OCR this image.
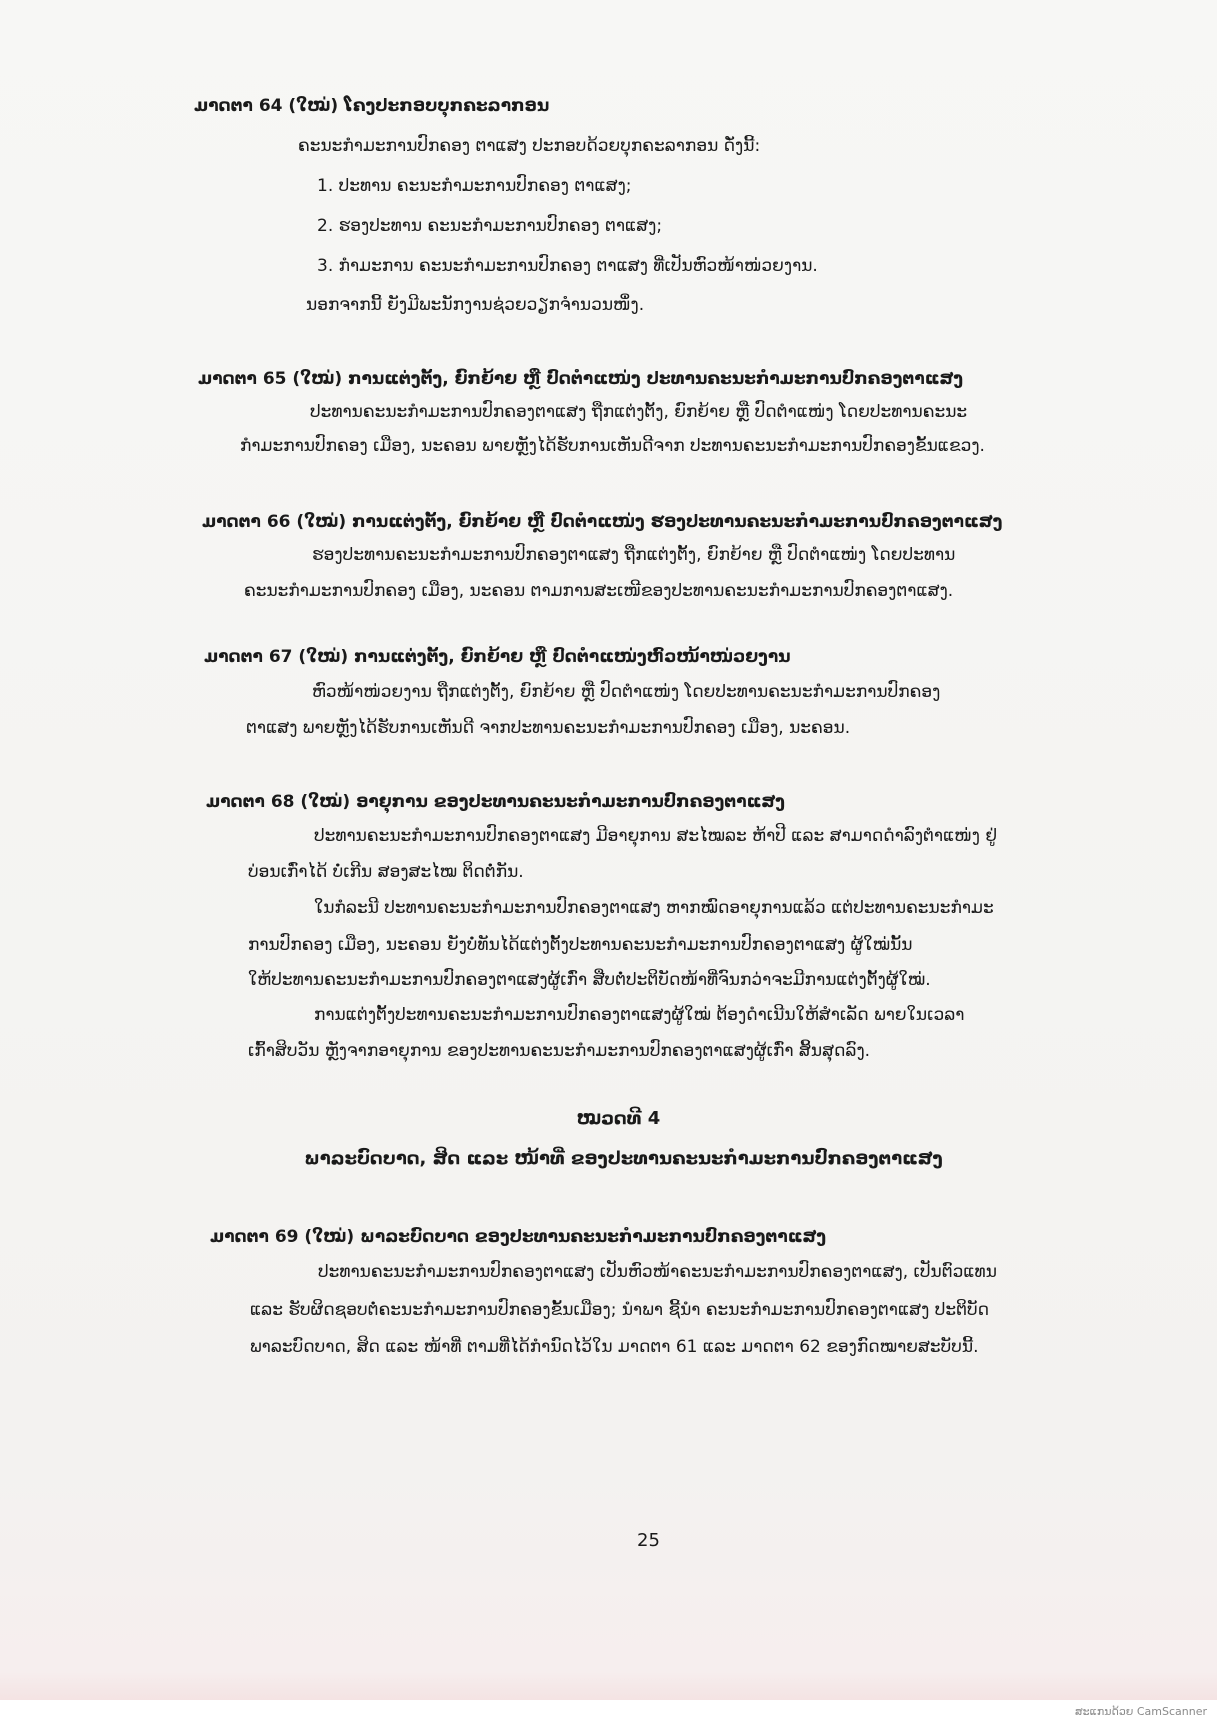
ມາດຕາ 64 (ໃໝ່) ໂຄງປະກອບບຸກຄະລາກອນ
ຄະນະກຳມະການປົກຄອງ ຕາແສງ ປະກອບດ້ວຍບຸກຄະລາກອນ ດັ່ງນີ້:
1. ປະທານ ຄະນະກຳມະການປົກຄອງ ຕາແສງ;
2. ຮອງປະທານ ຄະນະກຳມະການປົກຄອງ ຕາແສງ;
3. ກຳມະການ ຄະນະກຳມະການປົກຄອງ ຕາແສງ ທີ່ເປັນຫົວໜ້າໜ່ວຍງານ.
ນອກຈາກນີ້ ຍັງມີພະນັກງານຊ່ວຍວຽກຈຳນວນໜຶ່ງ.
ມາດຕາ 65 (ໃໝ່) ການແຕ່ງຕັ້ງ, ຍົກຍ້າຍ ຫຼື ປົດຕຳແໜ່ງ ປະທານຄະນະກຳມະການປົກຄອງຕາແສງ
ປະທານຄະນະກຳມະການປົກຄອງຕາແສງ ຖືກແຕ່ງຕັ້ງ, ຍົກຍ້າຍ ຫຼື ປົດຕຳແໜ່ງ ໂດຍປະທານຄະນະ
ກຳມະການປົກຄອງ ເມືອງ, ນະຄອນ ພາຍຫຼັງໄດ້ຮັບການເຫັນດີຈາກ ປະທານຄະນະກຳມະການປົກຄອງຂັ້ນແຂວງ.
ມາດຕາ 66 (ໃໝ່) ການແຕ່ງຕັ້ງ, ຍົກຍ້າຍ ຫຼື ປົດຕຳແໜ່ງ ຮອງປະທານຄະນະກຳມະການປົກຄອງຕາແສງ
ຮອງປະທານຄະນະກຳມະການປົກຄອງຕາແສງ ຖືກແຕ່ງຕັ້ງ, ຍົກຍ້າຍ ຫຼື ປົດຕຳແໜ່ງ ໂດຍປະທານ
ຄະນະກຳມະການປົກຄອງ ເມືອງ, ນະຄອນ ຕາມການສະເໜີຂອງປະທານຄະນະກຳມະການປົກຄອງຕາແສງ.
ມາດຕາ 67 (ໃໝ່) ການແຕ່ງຕັ້ງ, ຍົກຍ້າຍ ຫຼື ປົດຕຳແໜ່ງຫົວໜ້າໜ່ວຍງານ
ຫົວໜ້າໜ່ວຍງານ ຖືກແຕ່ງຕັ້ງ, ຍົກຍ້າຍ ຫຼື ປົດຕຳແໜ່ງ ໂດຍປະທານຄະນະກຳມະການປົກຄອງ
ຕາແສງ ພາຍຫຼັງໄດ້ຮັບການເຫັນດີ ຈາກປະທານຄະນະກຳມະການປົກຄອງ ເມືອງ, ນະຄອນ.
ມາດຕາ 68 (ໃໝ່) ອາຍຸການ ຂອງປະທານຄະນະກຳມະການປົກຄອງຕາແສງ
ປະທານຄະນະກຳມະການປົກຄອງຕາແສງ ມີອາຍຸການ ສະໄໝລະ ຫ້າປີ ແລະ ສາມາດດຳລົງຕຳແໜ່ງ ຢູ່
ບ່ອນເກົ່າໄດ້ ບໍ່ເກີນ ສອງສະໄໝ ຕິດຕໍ່ກັນ.
ໃນກໍລະນີ ປະທານຄະນະກຳມະການປົກຄອງຕາແສງ ຫາກໝົດອາຍຸການແລ້ວ ແຕ່ປະທານຄະນະກຳມະ
ການປົກຄອງ ເມືອງ, ນະຄອນ ຍັງບໍ່ທັນໄດ້ແຕ່ງຕັ້ງປະທານຄະນະກຳມະການປົກຄອງຕາແສງ ຜູ້ໃໝ່ນັ້ນ
ໃຫ້ປະທານຄະນະກຳມະການປົກຄອງຕາແສງຜູ້ເກົ່າ ສືບຕໍ່ປະຕິບັດໜ້າທີ່ຈົນກວ່າຈະມີການແຕ່ງຕັ້ງຜູ້ໃໝ່.
ການແຕ່ງຕັ້ງປະທານຄະນະກຳມະການປົກຄອງຕາແສງຜູ້ໃໝ່ ຕ້ອງດຳເນີນໃຫ້ສຳເລັດ ພາຍໃນເວລາ
ເກົ້າສິບວັນ ຫຼັງຈາກອາຍຸການ ຂອງປະທານຄະນະກຳມະການປົກຄອງຕາແສງຜູ້ເກົ່າ ສິ້ນສຸດລົງ.
ໝວດທີ 4
ພາລະບົດບາດ, ສິດ ແລະ ໜ້າທີ່ ຂອງປະທານຄະນະກຳມະການປົກຄອງຕາແສງ
ມາດຕາ 69 (ໃໝ່) ພາລະບົດບາດ ຂອງປະທານຄະນະກຳມະການປົກຄອງຕາແສງ
ປະທານຄະນະກຳມະການປົກຄອງຕາແສງ ເປັນຫົວໜ້າຄະນະກຳມະການປົກຄອງຕາແສງ, ເປັນຕົວແທນ
ແລະ ຮັບຜິດຊອບຕໍ່ຄະນະກຳມະການປົກຄອງຂັ້ນເມືອງ; ນຳພາ ຊີ້ນຳ ຄະນະກຳມະການປົກຄອງຕາແສງ ປະຕິບັດ
ພາລະບົດບາດ, ສິດ ແລະ ໜ້າທີ່ ຕາມທີ່ໄດ້ກຳນົດໄວ້ໃນ ມາດຕາ 61 ແລະ ມາດຕາ 62 ຂອງກົດໝາຍສະບັບນີ້.
25
ສະແກນດ້ວຍ CamScanner
